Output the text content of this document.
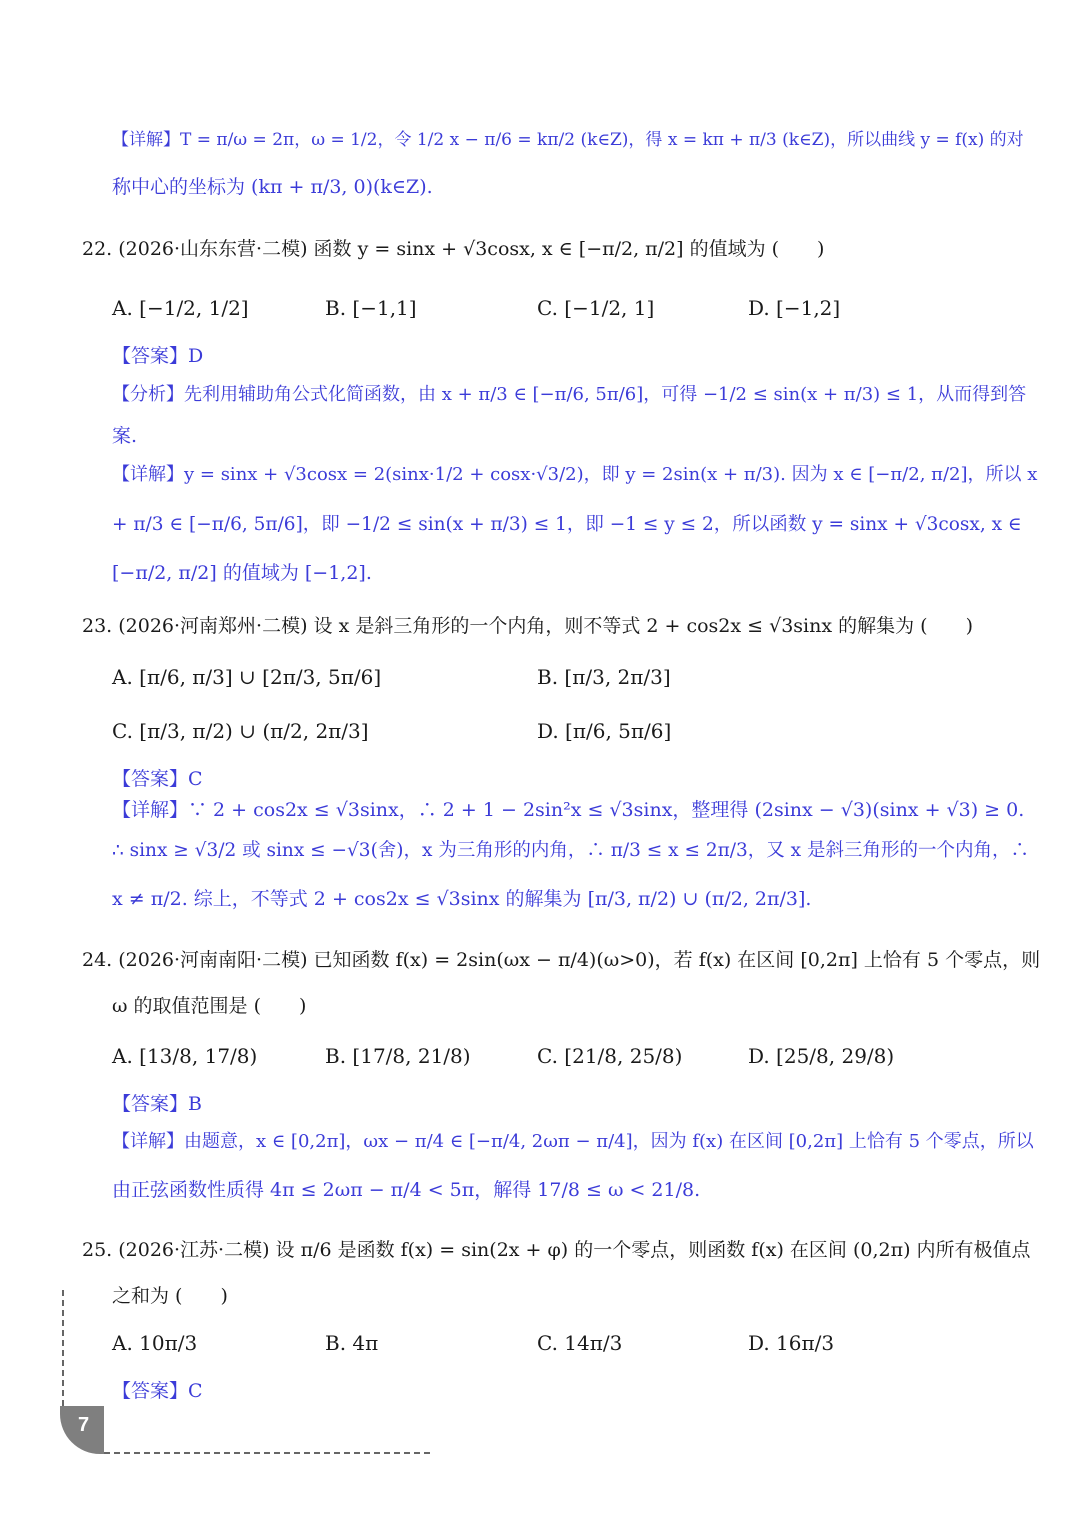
【详解】T = π/ω = 2π，ω = 1/2，令 1/2 x − π/6 = kπ/2 (k∈Z)，得 x = kπ + π/3 (k∈Z)，所以曲线 y = f(x) 的对
称中心的坐标为 (kπ + π/3, 0)(k∈Z).
22. (2026·山东东营·二模) 函数 y = sinx + √3cosx, x ∈ [−π/2, π/2] 的值域为 (　　)
A. [−1/2, 1/2]	B. [−1,1]	C. [−1/2, 1]	D. [−1,2]
【答案】D
【分析】先利用辅助角公式化简函数，由 x + π/3 ∈ [−π/6, 5π/6]，可得 −1/2 ≤ sin(x + π/3) ≤ 1，从而得到答
案.
【详解】y = sinx + √3cosx = 2(sinx·1/2 + cosx·√3/2)，即 y = 2sin(x + π/3). 因为 x ∈ [−π/2, π/2]，所以 x
+ π/3 ∈ [−π/6, 5π/6]，即 −1/2 ≤ sin(x + π/3) ≤ 1，即 −1 ≤ y ≤ 2，所以函数 y = sinx + √3cosx, x ∈
[−π/2, π/2] 的值域为 [−1,2].
23. (2026·河南郑州·二模) 设 x 是斜三角形的一个内角，则不等式 2 + cos2x ≤ √3sinx 的解集为 (　　)
A. [π/6, π/3] ∪ [2π/3, 5π/6]	B. [π/3, 2π/3]
C. [π/3, π/2) ∪ (π/2, 2π/3]	D. [π/6, 5π/6]
【答案】C
【详解】∵ 2 + cos2x ≤ √3sinx，∴ 2 + 1 − 2sin²x ≤ √3sinx，整理得 (2sinx − √3)(sinx + √3) ≥ 0.
∴ sinx ≥ √3/2 或 sinx ≤ −√3(舍)，x 为三角形的内角，∴ π/3 ≤ x ≤ 2π/3，又 x 是斜三角形的一个内角，∴
x ≠ π/2. 综上，不等式 2 + cos2x ≤ √3sinx 的解集为 [π/3, π/2) ∪ (π/2, 2π/3].
24. (2026·河南南阳·二模) 已知函数 f(x) = 2sin(ωx − π/4)(ω>0)，若 f(x) 在区间 [0,2π] 上恰有 5 个零点，则
ω 的取值范围是 (　　)
A. [13/8, 17/8)	B. [17/8, 21/8)	C. [21/8, 25/8)	D. [25/8, 29/8)
【答案】B
【详解】由题意，x ∈ [0,2π]，ωx − π/4 ∈ [−π/4, 2ωπ − π/4]，因为 f(x) 在区间 [0,2π] 上恰有 5 个零点，所以
由正弦函数性质得 4π ≤ 2ωπ − π/4 < 5π，解得 17/8 ≤ ω < 21/8.
25. (2026·江苏·二模) 设 π/6 是函数 f(x) = sin(2x + φ) 的一个零点，则函数 f(x) 在区间 (0,2π) 内所有极值点
之和为 (　　)
A. 10π/3	B. 4π	C. 14π/3	D. 16π/3
【答案】C
7
